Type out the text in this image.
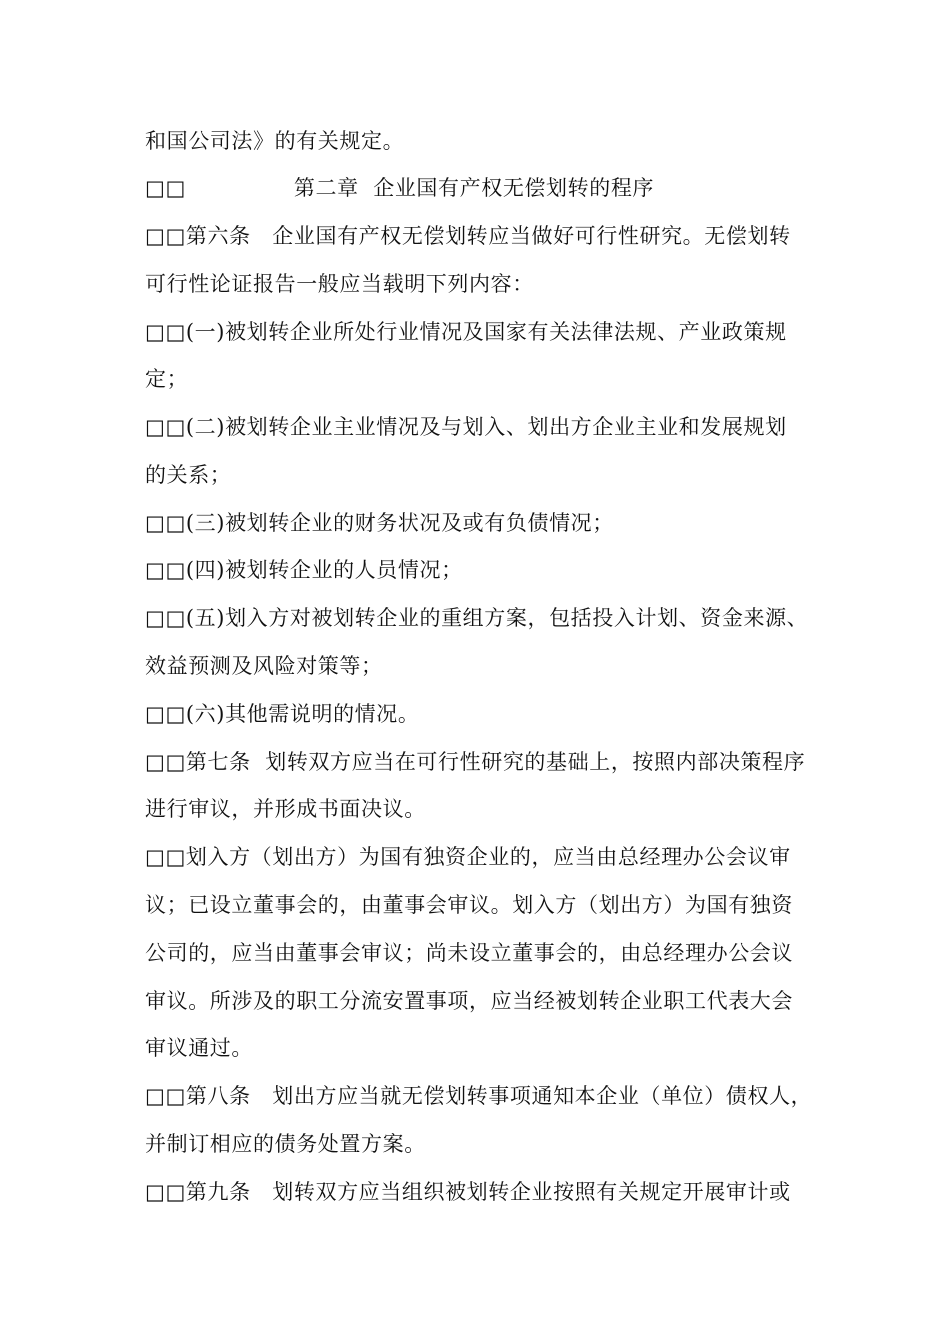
和国公司法》的有关规定。
□□　　　　　第二章  企业国有产权无偿划转的程序
□□第六条　企业国有产权无偿划转应当做好可行性研究。无偿划转
可行性论证报告一般应当载明下列内容：
□□(一)被划转企业所处行业情况及国家有关法律法规、产业政策规
定；
□□(二)被划转企业主业情况及与划入、划出方企业主业和发展规划
的关系；
□□(三)被划转企业的财务状况及或有负债情况；
□□(四)被划转企业的人员情况；
□□(五)划入方对被划转企业的重组方案，包括投入计划、资金来源、
效益预测及风险对策等；
□□(六)其他需说明的情况。
□□第七条  划转双方应当在可行性研究的基础上，按照内部决策程序
进行审议，并形成书面决议。
□□划入方（划出方）为国有独资企业的，应当由总经理办公会议审
议；已设立董事会的，由董事会审议。划入方（划出方）为国有独资
公司的，应当由董事会审议；尚未设立董事会的，由总经理办公会议
审议。所涉及的职工分流安置事项，应当经被划转企业职工代表大会
审议通过。
□□第八条　划出方应当就无偿划转事项通知本企业（单位）债权人，
并制订相应的债务处置方案。
□□第九条　划转双方应当组织被划转企业按照有关规定开展审计或
